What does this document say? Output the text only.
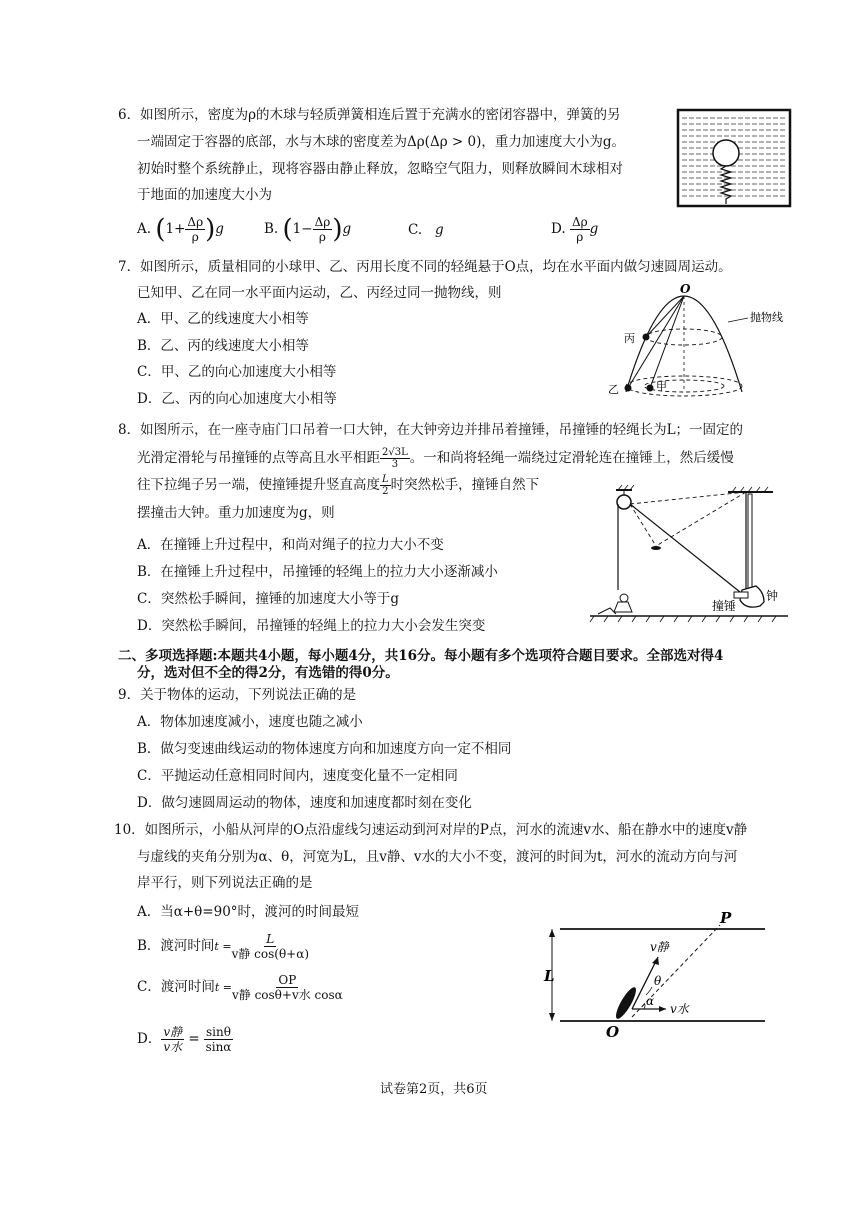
6．如图所示，密度为ρ的木球与轻质弹簧相连后置于充满水的密闭容器中，弹簧的另
一端固定于容器的底部，水与木球的密度差为Δρ(Δρ > 0)，重力加速度大小为g。
初始时整个系统静止，现将容器由静止释放，忽略空气阻力，则释放瞬间木球相对
于地面的加速度大小为
A. $(1+ \frac{\Delta\rho}{\rho} )g$	B. $(1- \frac{\Delta\rho}{\rho} )g$	C. g	D. $\frac{\Delta\rho}{\rho}$ g
7．如图所示，质量相同的小球甲、乙、丙用长度不同的轻绳悬于O点，均在水平面内做匀速圆周运动。
已知甲、乙在同一水平面内运动，乙、丙经过同一抛物线，则
A．甲、乙的线速度大小相等
B．乙、丙的线速度大小相等
C．甲、乙的向心加速度大小相等
D．乙、丙的向心加速度大小相等
O
抛物线
丙
乙	甲
8．如图所示，在一座寺庙门口吊着一口大钟，在大钟旁边并排吊着撞锤，吊撞锤的轻绳长为L；一固定的
光滑定滑轮与吊撞锤的点等高且水平相距 $\frac{2√3L}{3}$ 。一和尚将轻绳一端绕过定滑轮连在撞锤上，然后缓慢
往下拉绳子另一端，使撞锤提升竖直高度 $\frac{L}{2}$ 时突然松手，撞锤自然下
摆撞击大钟。重力加速度为g，则
A．在撞锤上升过程中，和尚对绳子的拉力大小不变
B．在撞锤上升过程中，吊撞锤的轻绳上的拉力大小逐渐减小
C．突然松手瞬间，撞锤的加速度大小等于g
D．突然松手瞬间，吊撞锤的轻绳上的拉力大小会发生突变
撞锤
钟
二、多项选择题:本题共4小题，每小题4分，共16分。每小题有多个选项符合题目要求。全部选对得4
分，选对但不全的得2分，有选错的得0分。
9．关于物体的运动，下列说法正确的是
A．物体加速度减小，速度也随之减小
B．做匀变速曲线运动的物体速度方向和加速度方向一定不相同
C．平抛运动任意相同时间内，速度变化量不一定相同
D．做匀速圆周运动的物体，速度和加速度都时刻在变化
10．如图所示，小船从河岸的O点沿虚线匀速运动到河对岸的P点，河水的流速v水、船在静水中的速度v静
与虚线的夹角分别为α、θ，河宽为L，且v静、v水的大小不变，渡河的时间为t，河水的流动方向与河
岸平行，则下列说法正确的是
A．当α+θ=90°时，渡河的时间最短
B．渡河时间$t = \frac{L}{\text{v静 cos(θ+α)}}$
C．渡河时间$t = \frac{OP}{\text{v静 cosθ+v水 cosα}}$
D． $\frac{\text{v静}}{\text{v水}} = \frac{\sin\theta}{\sin\alpha}$
L
P
O
v静
v水
θ
α
试卷第2页，共6页
